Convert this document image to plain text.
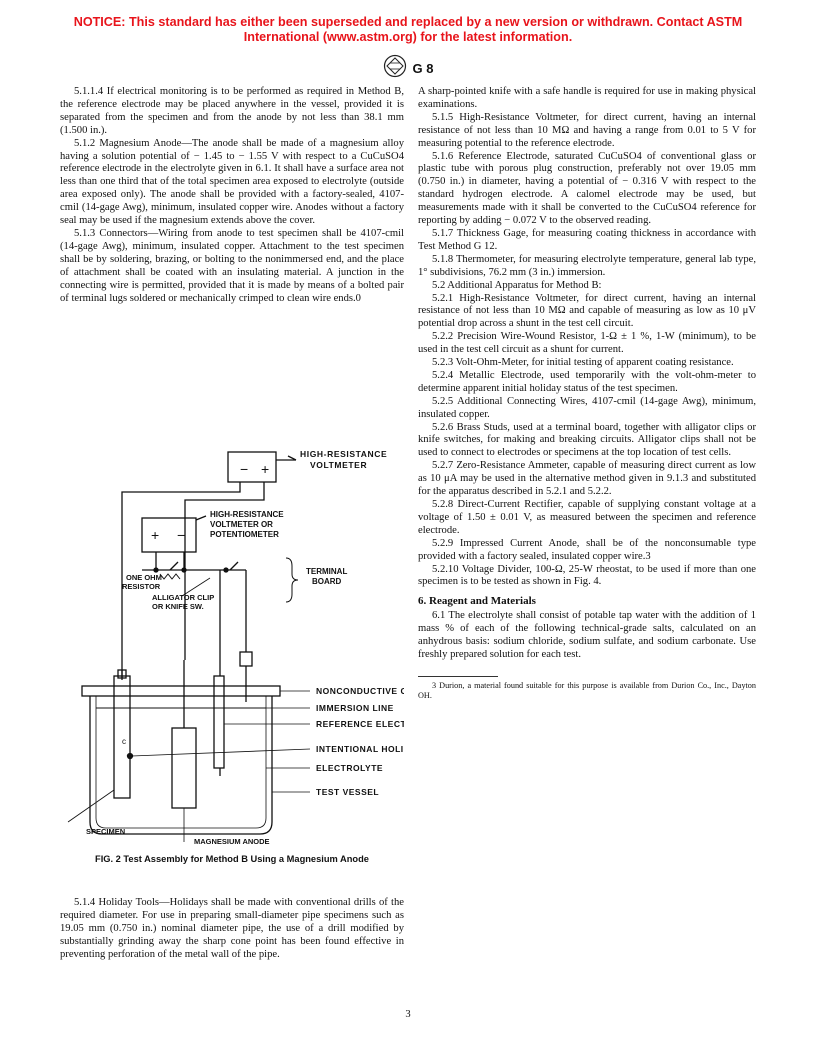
NOTICE: This standard has either been superseded and replaced by a new version or withdrawn. Contact ASTM International (www.astm.org) for the latest information.
G 8

5.1.1.4 If electrical monitoring is to be performed as required in Method B, the reference electrode may be placed anywhere in the vessel, provided it is separated from the specimen and from the anode by not less than 38.1 mm (1.500 in.).

5.1.2 Magnesium Anode—The anode shall be made of a magnesium alloy having a solution potential of − 1.45 to − 1.55 V with respect to a CuCuSO4 reference electrode in the electrolyte given in 6.1. It shall have a surface area not less than one third that of the total specimen area exposed to electrolyte (outside area exposed only). The anode shall be provided with a factory-sealed, 4107-cmil (14-gage Awg), minimum, insulated copper wire. Anodes without a factory seal may be used if the magnesium extends above the cover.

5.1.3 Connectors—Wiring from anode to test specimen shall be 4107-cmil (14-gage Awg), minimum, insulated copper. Attachment to the test specimen shall be by soldering, brazing, or bolting to the nonimmersed end, and the place of attachment shall be coated with an insulating material. A junction in the connecting wire is permitted, provided that it is made by means of a bolted pair of terminal lugs soldered or mechanically crimped to clean wire ends.0

− +
HIGH-RESISTANCE
VOLTMETER
+ −
HIGH-RESISTANCE
VOLTMETER OR
POTENTIOMETER
TERMINAL
BOARD
ONE OHM
RESISTOR
ALLIGATOR CLIP
OR KNIFE SW.
c
NONCONDUCTIVE
IMMERSION LINE
REFERENCE ELECT
INTENTIONAL HOLI
ELECTROLYTE
TEST VESSEL
SPECIMEN
MAGNESIUM ANODE
FIG. 2 Test Assembly for Method B Using a Magnesium Anode

5.1.4 Holiday Tools—Holidays shall be made with conventional drills of the required diameter. For use in preparing small-diameter pipe specimens such as 19.05 mm (0.750 in.) nominal diameter pipe, the use of a drill modified by substantially grinding away the sharp cone point has been found effective in preventing perforation of the metal wall of the pipe.

A sharp-pointed knife with a safe handle is required for use in making physical examinations.

5.1.5 High-Resistance Voltmeter, for direct current, having an internal resistance of not less than 10 MΩ and having a range from 0.01 to 5 V for measuring potential to the reference electrode.

5.1.6 Reference Electrode, saturated CuCuSO4 of conventional glass or plastic tube with porous plug construction, preferably not over 19.05 mm (0.750 in.) in diameter, having a potential of − 0.316 V with respect to the standard hydrogen electrode. A calomel electrode may be used, but measurements made with it shall be converted to the CuCuSO4 reference for reporting by adding − 0.072 V to the observed reading.

5.1.7 Thickness Gage, for measuring coating thickness in accordance with Test Method G 12.

5.1.8 Thermometer, for measuring electrolyte temperature, general lab type, 1° subdivisions, 76.2 mm (3 in.) immersion.

5.2 Additional Apparatus for Method B:

5.2.1 High-Resistance Voltmeter, for direct current, having an internal resistance of not less than 10 MΩ and capable of measuring as low as 10 μV potential drop across a shunt in the test cell circuit.

5.2.2 Precision Wire-Wound Resistor, 1-Ω ± 1 %, 1-W (minimum), to be used in the test cell circuit as a shunt for current.

5.2.3 Volt-Ohm-Meter, for initial testing of apparent coating resistance.

5.2.4 Metallic Electrode, used temporarily with the volt-ohm-meter to determine apparent initial holiday status of the test specimen.

5.2.5 Additional Connecting Wires, 4107-cmil (14-gage Awg), minimum, insulated copper.

5.2.6 Brass Studs, used at a terminal board, together with alligator clips or knife switches, for making and breaking circuits. Alligator clips shall not be used to connect to electrodes or specimens at the top location of test cells.

5.2.7 Zero-Resistance Ammeter, capable of measuring direct current as low as 10 μA may be used in the alternative method given in 9.1.3 and substituted for the apparatus described in 5.2.1 and 5.2.2.

5.2.8 Direct-Current Rectifier, capable of supplying constant voltage at a voltage of 1.50 ± 0.01 V, as measured between the specimen and reference electrode.

5.2.9 Impressed Current Anode, shall be of the nonconsumable type provided with a factory sealed, insulated copper wire.3

5.2.10 Voltage Divider, 100-Ω, 25-W rheostat, to be used if more than one specimen is to be tested as shown in Fig. 4.

6. Reagent and Materials

6.1 The electrolyte shall consist of potable tap water with the addition of 1 mass % of each of the following technical-grade salts, calculated on an anhydrous basis: sodium chloride, sodium sulfate, and sodium carbonate. Use freshly prepared solution for each test.

3 Durion, a material found suitable for this purpose is available from Durion Co., Inc., Dayton OH.

3
